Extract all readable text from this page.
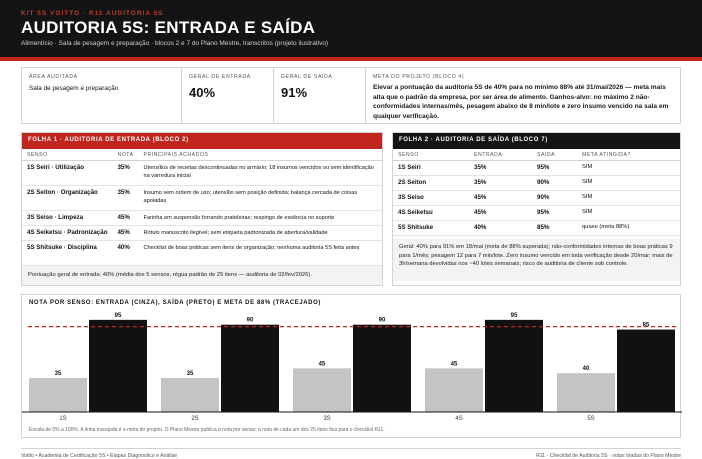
KIT 5S VOITTO · R11 AUDITORIA 5S
AUDITORIA 5S: ENTRADA E SAÍDA
Alimentício · Sala de pesagem e preparação · blocos 2 e 7 do Plano Mestre, transcritos (projeto ilustrativo)
ÁREA AUDITADA
Sala de pesagem e preparação
GERAL DE ENTRADA
40%
GERAL DE SAÍDA
91%
META DO PROJETO (BLOCO 4)
Elevar a pontuação da auditoria 5S de 40% para no mínimo 88% até 31/mai/2026 — meta mais alta que o padrão da empresa, por ser área de alimento. Ganhos-alvo: no máximo 2 não-conformidades internas/mês, pesagem abaixo de 8 min/lote e zero insumo vencido na sala em qualquer verificação.
FOLHA 1 · AUDITORIA DE ENTRADA (BLOCO 2)
SENSO	NOTA	PRINCIPAIS ACHADOS
1S Seiri · Utilização	35%	Utensílios de receitas descontinuadas no armário; 18 insumos vencidos ou sem identificação na varredura inicial
2S Seiton · Organização	35%	Insumo sem ordem de uso; utensílio sem posição definida; balança cercada de coisas apoiadas
3S Seiso · Limpeza	45%	Farinha em suspensão forrando prateleiras; respingo de essência no suporte
4S Seiketsu · Padronização	45%	Rótulo manuscrito ilegível; sem etiqueta padronizada de abertura/validade
5S Shitsuke · Disciplina	40%	Checklist de boas práticas sem itens de organização; nenhuma auditoria 5S feita antes
Pontuação geral de entrada: 40% (média dos 5 sensos, régua padrão de 25 itens — auditoria de 02/fev/2026).
FOLHA 2 · AUDITORIA DE SAÍDA (BLOCO 7)
SENSO	ENTRADA	SAÍDA	META ATINGIDA?
1S Seiri	35%	95%	SIM
2S Seiton	35%	90%	SIM
3S Seiso	45%	90%	SIM
4S Seiketsu	45%	95%	SIM
5S Shitsuke	40%	85%	quase (meta 88%)
Geral: 40% para 91% em 18/mai (meta de 88% superada); não-conformidades internas de boas práticas 9 para 1/mês; pesagem 12 para 7 min/lote. Zero insumo vencido em toda verificação desde 20/mar; mais de 3h/semana devolvidas nos ~40 lotes semanais; risco de auditoria de cliente sob controle.
35
95
1S
35
90
2S
45
90
3S
45
95
4S
40
85
5S
NOTA POR SENSO: ENTRADA (CINZA), SAÍDA (PRETO) E META DE 88% (TRACEJADO)
Escala de 0% a 100%. A linha tracejada é a meta do projeto. O Plano Mestre publica a nota por senso; a nota de cada um dos 25 itens fica para o checklist R11.
Voitto • Academia de Certificação 5S • Etapas Diagnóstico e Análise	R11 · Checklist de Auditoria 5S · notas tiradas do Plano Mestre
